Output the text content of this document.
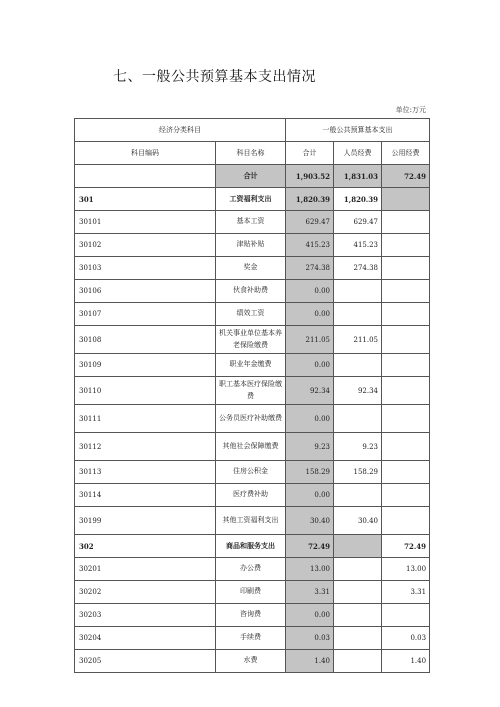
七、一般公共预算基本支出情况
单位:万元
经济分类科目		一般公共预算基本支出		
科目编码	科目名称	合计	人员经费	公用经费
	合计	1,903.52	1,831.03	72.49
301	工资福利支出	1,820.39	1,820.39	
30101	基本工资	629.47	629.47	
30102	津贴补贴	415.23	415.23	
30103	奖金	274.38	274.38	
30106	伙食补助费	0.00		
30107	绩效工资	0.00		
30108	机关事业单位基本养老保险缴费	211.05	211.05	
30109	职业年金缴费	0.00		
30110	职工基本医疗保险缴费	92.34	92.34	
30111	公务员医疗补助缴费	0.00		
30112	其他社会保障缴费	9.23	9.23	
30113	住房公积金	158.29	158.29	
30114	医疗费补助	0.00		
30199	其他工资福利支出	30.40	30.40	
302	商品和服务支出	72.49		72.49
30201	办公费	13.00		13.00
30202	印刷费	3.31		3.31
30203	咨询费	0.00		
30204	手续费	0.03		0.03
30205	水费	1.40		1.40
